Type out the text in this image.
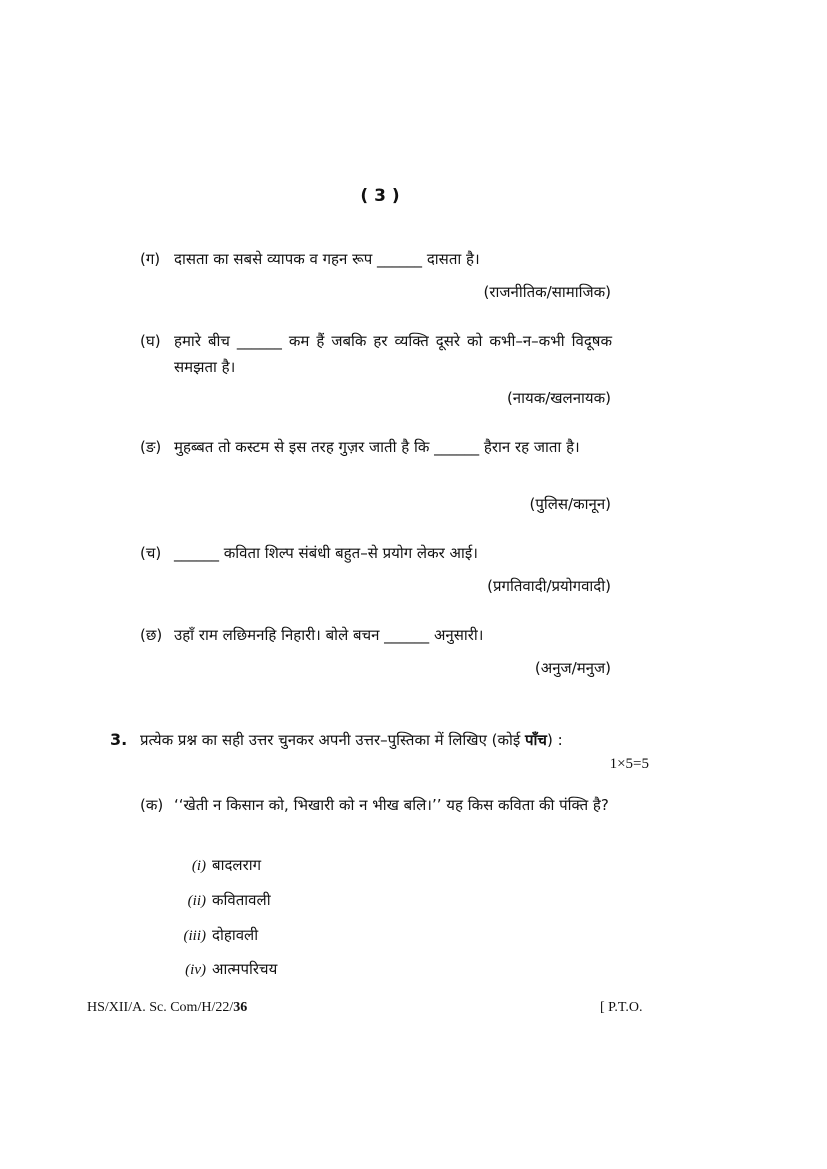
( 3 )
(ग) दासता का सबसे व्यापक व गहन रूप ______ दासता है।
(राजनीतिक/सामाजिक)
(घ) हमारे बीच ______ कम हैं जबकि हर व्यक्ति दूसरे को कभी–न–कभी विदूषक समझता है।
(नायक/खलनायक)
(ङ) मुहब्बत तो कस्टम से इस तरह गुज़र जाती है कि ______ हैरान रह जाता है।
(पुलिस/कानून)
(च) ______ कविता शिल्प संबंधी बहुत–से प्रयोग लेकर आई।
(प्रगतिवादी/प्रयोगवादी)
(छ) उहाँ राम लछिमनहि निहारी। बोले बचन ______ अनुसारी।
(अनुज/मनुज)
3. प्रत्येक प्रश्न का सही उत्तर चुनकर अपनी उत्तर–पुस्तिका में लिखिए (कोई पाँच) :
1×5=5
(क) ‘‘खेती न किसान को, भिखारी को न भीख बलि।’’ यह किस कविता की पंक्ति है?
(i) बादलराग
(ii) कवितावली
(iii) दोहावली
(iv) आत्मपरिचय
HS/XII/A. Sc. Com/H/22/36	[ P.T.O.
